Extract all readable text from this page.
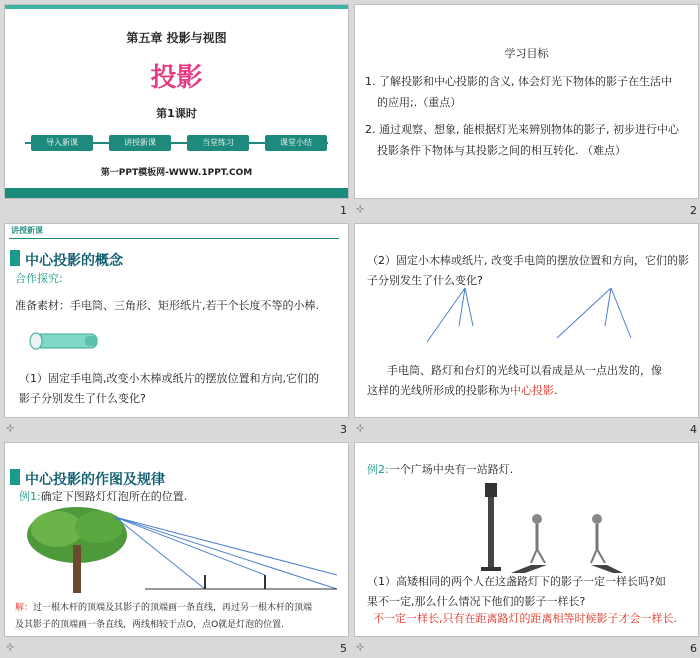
第五章 投影与视图
投影
第1课时
导入新课	讲授新课	当堂练习	课堂小结
第一PPT模板网-WWW.1PPT.COM
1
学习目标
1. 了解投影和中心投影的含义, 体会灯光下物体的影子在生活中
的应用;.（重点）
2. 通过观察、想象, 能根据灯光来辨别物体的影子, 初步进行中心
投影条件下物体与其投影之间的相互转化. （难点）
⊹	2
讲授新课
中心投影的概念
合作探究:
准备素材：手电筒、三角形、矩形纸片,若干个长度不等的小棒.
（1）固定手电筒,改变小木棒或纸片的摆放位置和方向,它们的
影子分别发生了什么变化?
⊹	3
（2）固定小木棒或纸片, 改变手电筒的摆放位置和方向，它们的影
子分别发生了什么变化?
手电筒、路灯和台灯的光线可以看成是从一点出发的，像
这样的光线所形成的投影称为中心投影.
⊹	4
中心投影的作图及规律
例1:确定下图路灯灯泡所在的位置.
解：过一根木杆的顶端及其影子的顶端画一条直线，再过另一根木杆的顶端
及其影子的顶端画一条直线，两线相较于点O，点O就是灯泡的位置.
⊹	5
例2:一个广场中央有一站路灯.
（1）高矮相同的两个人在这盏路灯下的影子一定一样长吗?如
果不一定,那么什么情况下他们的影子一样长?
不一定一样长,只有在距离路灯的距离相等时候影子才会一样长.
⊹	6
